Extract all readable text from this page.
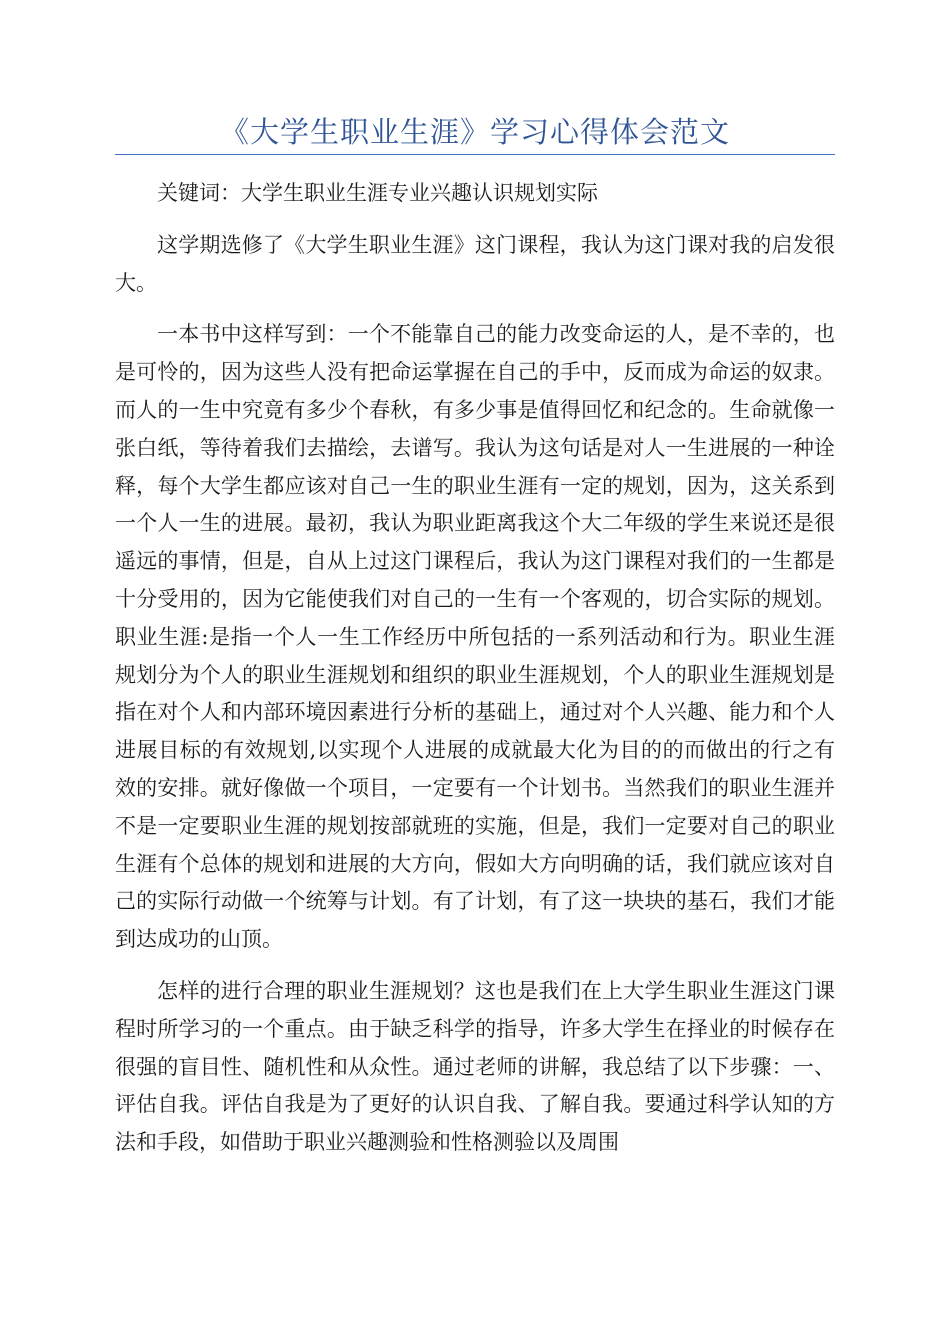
《大学生职业生涯》学习心得体会范文

关键词：大学生职业生涯专业兴趣认识规划实际

这学期选修了《大学生职业生涯》这门课程，我认为这门课对我的启发很大。

一本书中这样写到：一个不能靠自己的能力改变命运的人，是不幸的，也是可怜的，因为这些人没有把命运掌握在自己的手中，反而成为命运的奴隶。而人的一生中究竟有多少个春秋，有多少事是值得回忆和纪念的。生命就像一张白纸，等待着我们去描绘，去谱写。我认为这句话是对人一生进展的一种诠释，每个大学生都应该对自己一生的职业生涯有一定的规划，因为，这关系到一个人一生的进展。最初，我认为职业距离我这个大二年级的学生来说还是很遥远的事情，但是，自从上过这门课程后，我认为这门课程对我们的一生都是十分受用的，因为它能使我们对自己的一生有一个客观的，切合实际的规划。职业生涯:是指一个人一生工作经历中所包括的一系列活动和行为。职业生涯规划分为个人的职业生涯规划和组织的职业生涯规划，个人的职业生涯规划是指在对个人和内部环境因素进行分析的基础上，通过对个人兴趣、能力和个人进展目标的有效规划,以实现个人进展的成就最大化为目的的而做出的行之有效的安排。就好像做一个项目，一定要有一个计划书。当然我们的职业生涯并不是一定要职业生涯的规划按部就班的实施，但是，我们一定要对自己的职业生涯有个总体的规划和进展的大方向，假如大方向明确的话，我们就应该对自己的实际行动做一个统筹与计划。有了计划，有了这一块块的基石，我们才能到达成功的山顶。

怎样的进行合理的职业生涯规划？这也是我们在上大学生职业生涯这门课程时所学习的一个重点。由于缺乏科学的指导，许多大学生在择业的时候存在很强的盲目性、随机性和从众性。通过老师的讲解，我总结了以下步骤：一、评估自我。评估自我是为了更好的认识自我、了解自我。要通过科学认知的方法和手段，如借助于职业兴趣测验和性格测验以及周围
